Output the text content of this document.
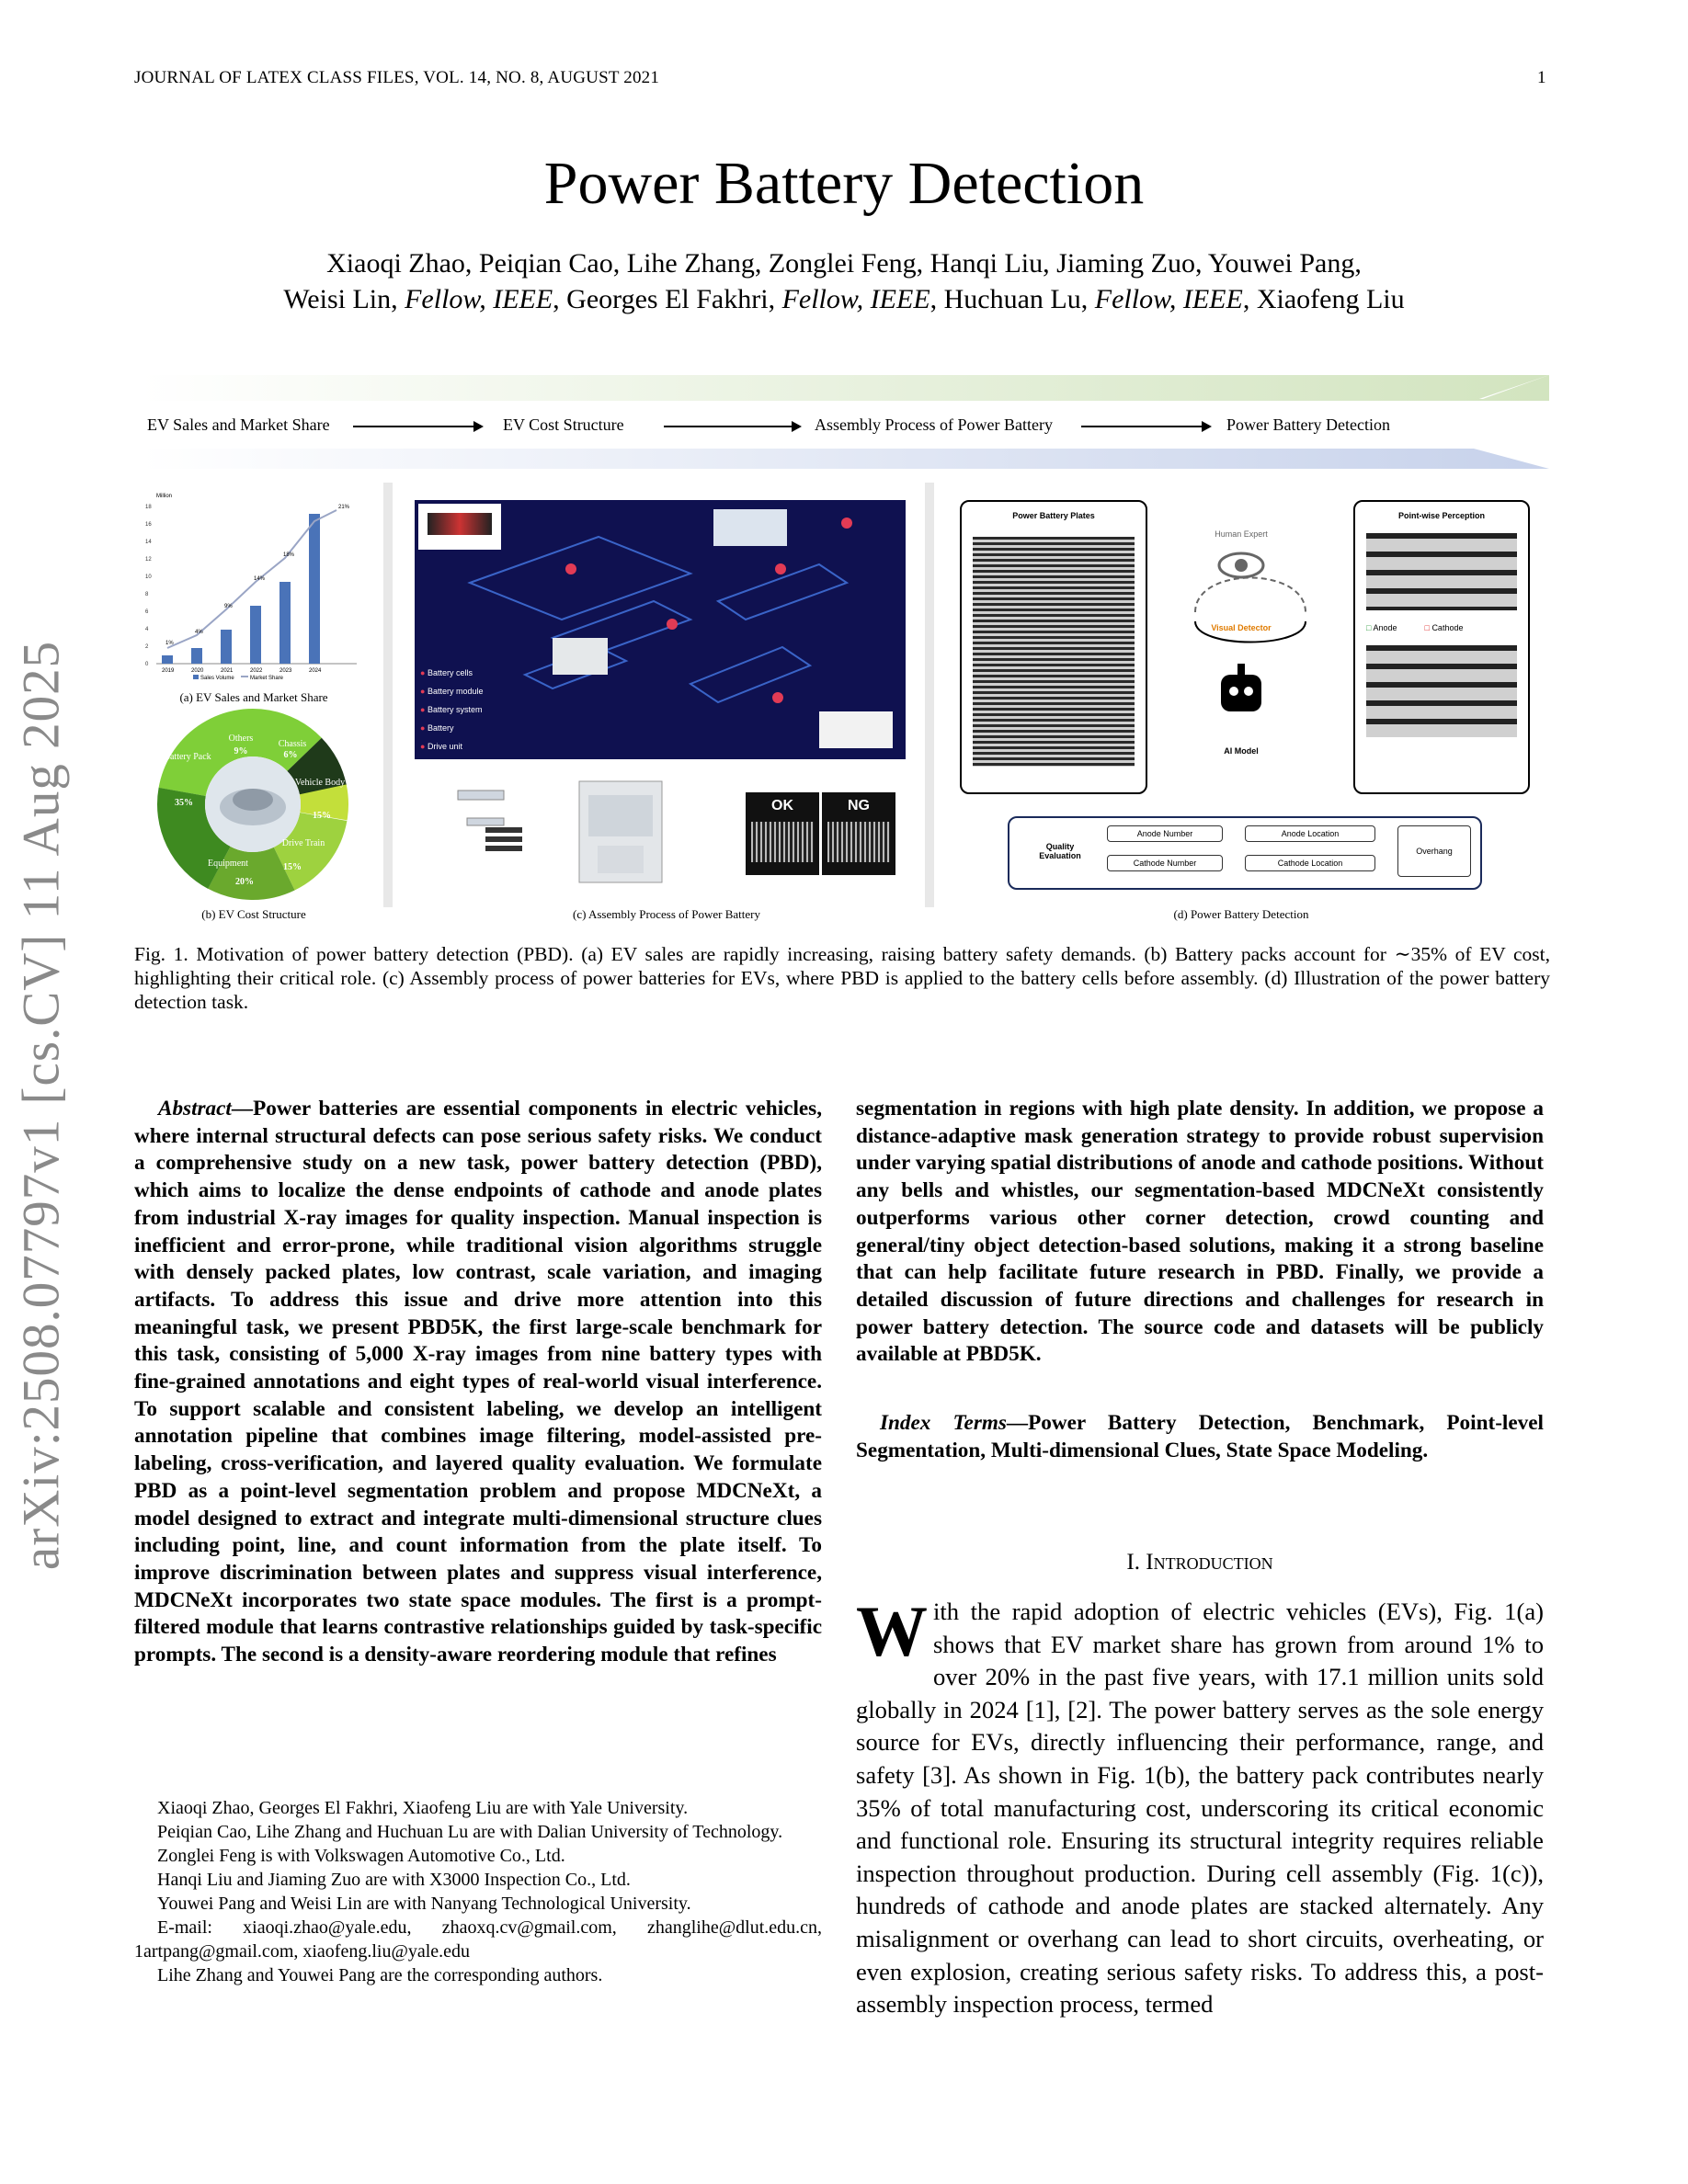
JOURNAL OF LATEX CLASS FILES, VOL. 14, NO. 8, AUGUST 2021	1
Power Battery Detection
Xiaoqi Zhao, Peiqian Cao, Lihe Zhang, Zonglei Feng, Hanqi Liu, Jiaming Zuo, Youwei Pang,
Weisi Lin, Fellow, IEEE, Georges El Fakhri, Fellow, IEEE, Huchuan Lu, Fellow, IEEE, Xiaofeng Liu
arXiv:2508.07797v1 [cs.CV] 11 Aug 2025
EV Sales and Market Share	EV Cost Structure	Assembly Process of Power Battery	Power Battery Detection
Million
0
2
4
6
8
10
12
14
16
18
1%
4%
9%
14%
18%
21%
2019	2020	2021	2022	2023	2024
Sales Volume	Market Share
(a) EV Sales and Market Share
Battery Pack
35%
Others
9%
Chassis
6%
Vehicle Body
15%
Drive Train
15%
Equipment
20%
(b) EV Cost Structure
● Battery cells
● Battery module
● Battery system
● Battery
● Drive unit
OK	NG
(c) Assembly Process of Power Battery
Power Battery Plates	Point-wise Perception
□ Anode	□ Cathode
Human Expert
Visual Detector
AI Model
Quality Evaluation
Anode Number
Cathode Number
Anode Location
Cathode Location
Overhang
(d) Power Battery Detection
Fig. 1. Motivation of power battery detection (PBD). (a) EV sales are rapidly increasing, raising battery safety demands. (b) Battery packs account for ∼35% of EV cost, highlighting their critical role. (c) Assembly process of power batteries for EVs, where PBD is applied to the battery cells before assembly. (d) Illustration of the power battery detection task.
Abstract—Power batteries are essential components in electric vehicles, where internal structural defects can pose serious safety risks. We conduct a comprehensive study on a new task, power battery detection (PBD), which aims to localize the dense endpoints of cathode and anode plates from industrial X-ray images for quality inspection. Manual inspection is inefficient and error-prone, while traditional vision algorithms struggle with densely packed plates, low contrast, scale variation, and imaging artifacts. To address this issue and drive more attention into this meaningful task, we present PBD5K, the first large-scale benchmark for this task, consisting of 5,000 X-ray images from nine battery types with fine-grained annotations and eight types of real-world visual interference. To support scalable and consistent labeling, we develop an intelligent annotation pipeline that combines image filtering, model-assisted pre-labeling, cross-verification, and layered quality evaluation. We formulate PBD as a point-level segmentation problem and propose MDCNeXt, a model designed to extract and integrate multi-dimensional structure clues including point, line, and count information from the plate itself. To improve discrimination between plates and suppress visual interference, MDCNeXt incorporates two state space modules. The first is a prompt-filtered module that learns contrastive relationships guided by task-specific prompts. The second is a density-aware reordering module that refines

Xiaoqi Zhao, Georges El Fakhri, Xiaofeng Liu are with Yale University.

Peiqian Cao, Lihe Zhang and Huchuan Lu are with Dalian University of Technology.

Zonglei Feng is with Volkswagen Automotive Co., Ltd.

Hanqi Liu and Jiaming Zuo are with X3000 Inspection Co., Ltd.

Youwei Pang and Weisi Lin are with Nanyang Technological University.

E-mail: xiaoqi.zhao@yale.edu, zhaoxq.cv@gmail.com, zhanglihe@dlut.edu.cn, 1artpang@gmail.com, xiaofeng.liu@yale.edu

Lihe Zhang and Youwei Pang are the corresponding authors.

segmentation in regions with high plate density. In addition, we propose a distance-adaptive mask generation strategy to provide robust supervision under varying spatial distributions of anode and cathode positions. Without any bells and whistles, our segmentation-based MDCNeXt consistently outperforms various other corner detection, crowd counting and general/tiny object detection-based solutions, making it a strong baseline that can help facilitate future research in PBD. Finally, we provide a detailed discussion of future directions and challenges for research in power battery detection. The source code and datasets will be publicly available at PBD5K.
Index Terms—Power Battery Detection, Benchmark, Point-level Segmentation, Multi-dimensional Clues, State Space Modeling.
I. Introduction
With the rapid adoption of electric vehicles (EVs), Fig. 1(a) shows that EV market share has grown from around 1% to over 20% in the past five years, with 17.1 million units sold globally in 2024 [1], [2]. The power battery serves as the sole energy source for EVs, directly influencing their performance, range, and safety [3]. As shown in Fig. 1(b), the battery pack contributes nearly 35% of total manufacturing cost, underscoring its critical economic and functional role. Ensuring its structural integrity requires reliable inspection throughout production. During cell assembly (Fig. 1(c)), hundreds of cathode and anode plates are stacked alternately. Any misalignment or overhang can lead to short circuits, overheating, or even explosion, creating serious safety risks. To address this, a post-assembly inspection process, termed
